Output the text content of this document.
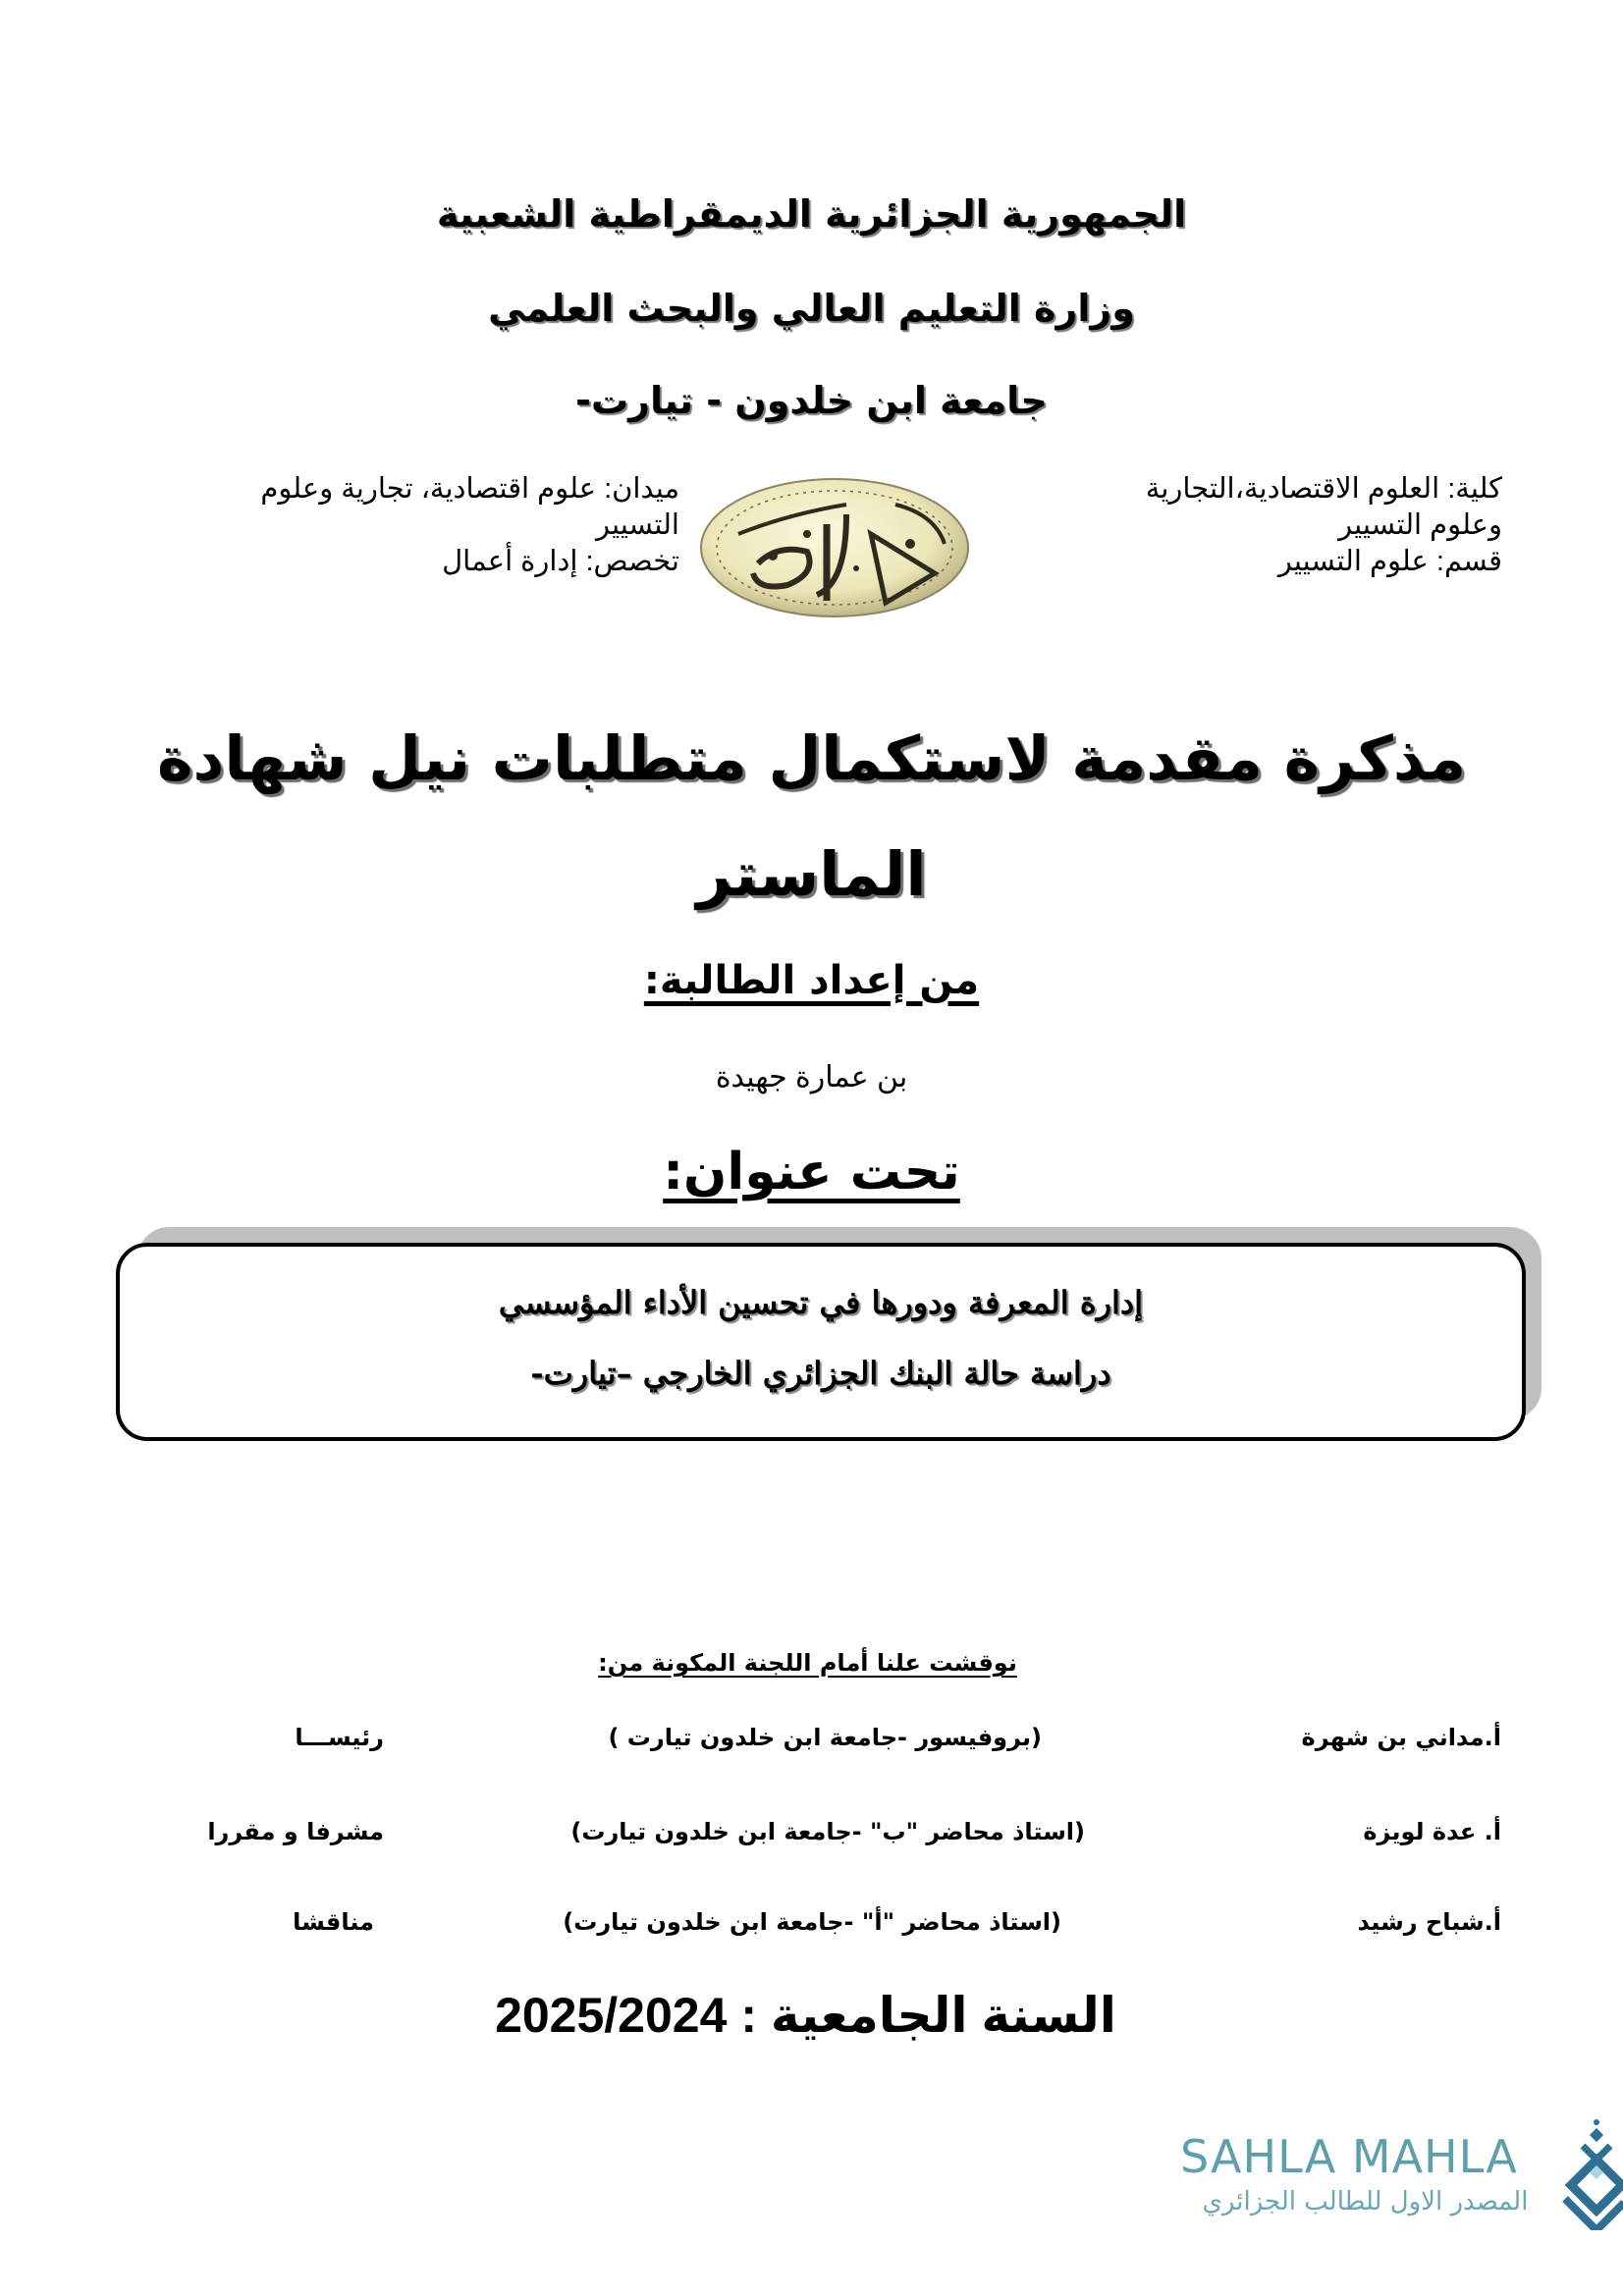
الجمهورية الجزائرية الديمقراطية الشعبية
وزارة التعليم العالي والبحث العلمي
جامعة ابن خلدون - تيارت-
كلية: العلوم الاقتصادية،التجارية
وعلوم التسيير
قسم: علوم التسيير
ميدان: علوم اقتصادية، تجارية وعلوم
التسيير
تخصص: إدارة أعمال
مذكرة مقدمة لاستكمال متطلبات نيل شهادة
الماستر
من إعداد الطالبة:
بن عمارة جهيدة
تحت عنوان:
إدارة المعرفة ودورها في تحسين الأداء المؤسسي
دراسة حالة البنك الجزائري الخارجي –تيارت-
نوقشت علنا أمام اللجنة المكونة من:
أ.مداني بن شهرة
(بروفيسور -جامعة ابن خلدون تيارت )
رئيســـا
أ. عدة لويزة
(استاذ محاضر "ب" -جامعة ابن خلدون تيارت)
مشرفا و مقررا
أ.شباح رشيد
(استاذ محاضر "أ" -جامعة ابن خلدون تيارت)
مناقشا
السنة الجامعية : 2025/2024
SAHLA MAHLA
المصدر الاول للطالب الجزائري
